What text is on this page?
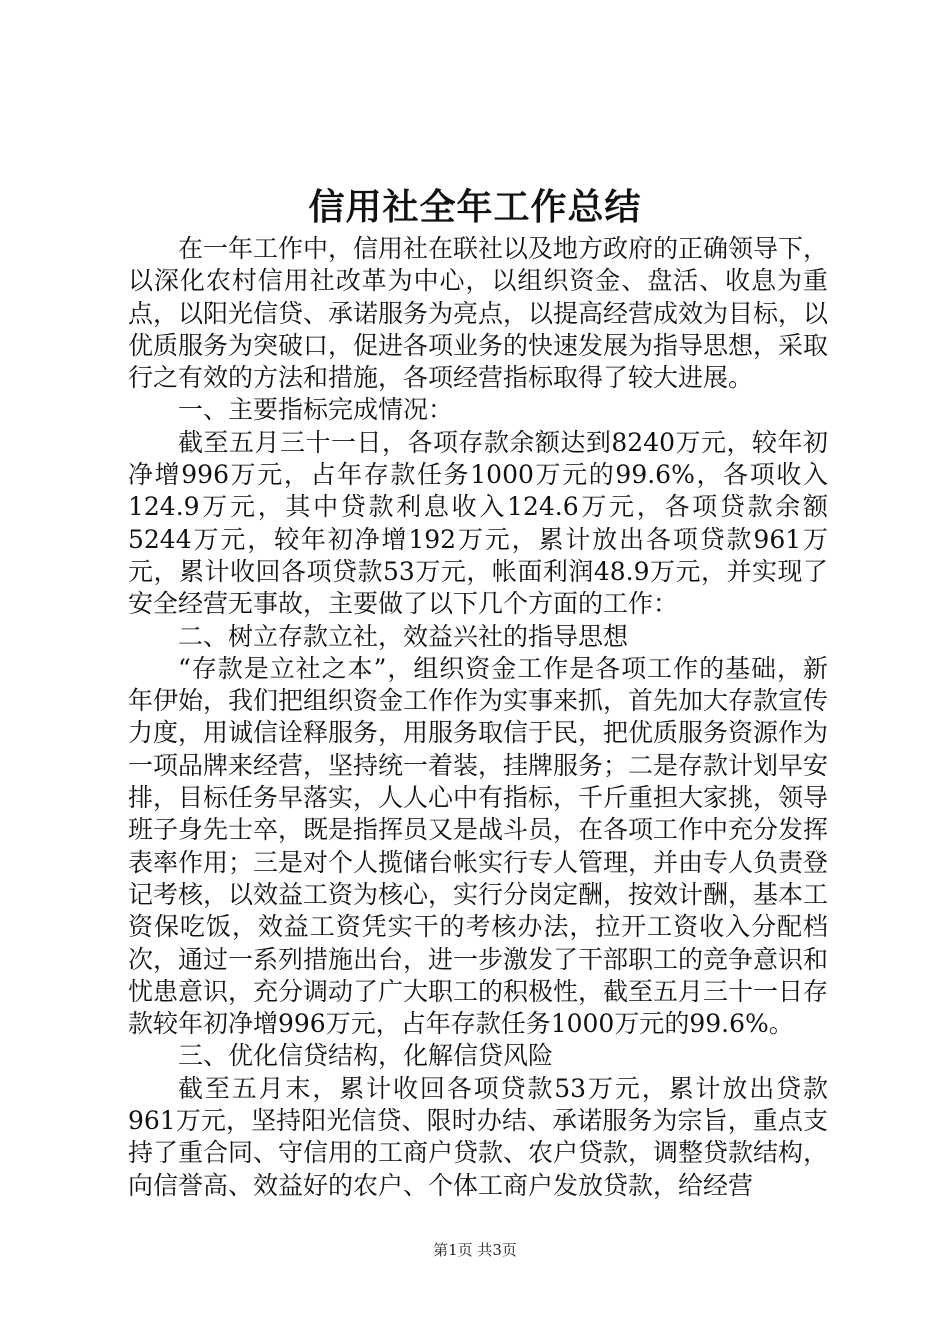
信用社全年工作总结

在一年工作中，信用社在联社以及地方政府的正确领导下，以深化农村信用社改革为中心，以组织资金、盘活、收息为重点，以阳光信贷、承诺服务为亮点，以提高经营成效为目标，以优质服务为突破口，促进各项业务的快速发展为指导思想，采取行之有效的方法和措施，各项经营指标取得了较大进展。

一、主要指标完成情况：

截至五月三十一日，各项存款余额达到8240万元，较年初净增996万元，占年存款任务1000万元的99.6%，各项收入124.9万元，其中贷款利息收入124.6万元，各项贷款余额5244万元，较年初净增192万元，累计放出各项贷款961万元，累计收回各项贷款53万元，帐面利润48.9万元，并实现了安全经营无事故，主要做了以下几个方面的工作：

二、树立存款立社，效益兴社的指导思想

“存款是立社之本”，组织资金工作是各项工作的基础，新年伊始，我们把组织资金工作作为实事来抓，首先加大存款宣传力度，用诚信诠释服务，用服务取信于民，把优质服务资源作为一项品牌来经营，坚持统一着装，挂牌服务；二是存款计划早安排，目标任务早落实，人人心中有指标，千斤重担大家挑，领导班子身先士卒，既是指挥员又是战斗员，在各项工作中充分发挥表率作用；三是对个人揽储台帐实行专人管理，并由专人负责登记考核，以效益工资为核心，实行分岗定酬，按效计酬，基本工资保吃饭，效益工资凭实干的考核办法，拉开工资收入分配档次，通过一系列措施出台，进一步激发了干部职工的竞争意识和忧患意识，充分调动了广大职工的积极性，截至五月三十一日存款较年初净增996万元，占年存款任务1000万元的99.6%。

三、优化信贷结构，化解信贷风险

截至五月末，累计收回各项贷款53万元，累计放出贷款961万元，坚持阳光信贷、限时办结、承诺服务为宗旨，重点支持了重合同、守信用的工商户贷款、农户贷款，调整贷款结构，向信誉高、效益好的农户、个体工商户发放贷款，给经营

第1页 共3页
